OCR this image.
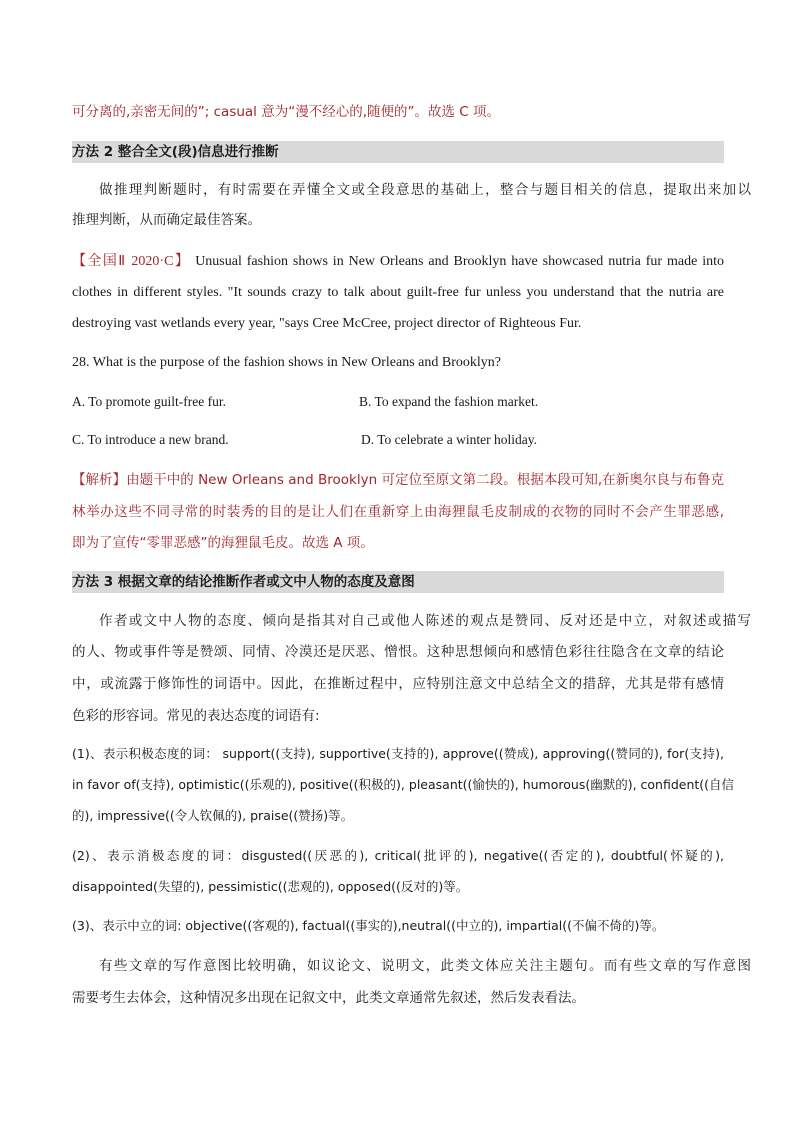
可分离的,亲密无间的”; casual 意为“漫不经心的,随便的”。故选 C 项。
方法 2 整合全文(段)信息进行推断
做推理判断题时，有时需要在弄懂全文或全段意思的基础上，整合与题目相关的信息，提取出来加以
推理判断，从而确定最佳答案。
【全国Ⅱ 2020·C】 Unusual fashion shows in New Orleans and Brooklyn have showcased nutria fur made into
clothes in different styles. "It sounds crazy to talk about guilt-free fur unless you understand that the nutria are
destroying vast wetlands every year, "says Cree McCree, project director of Righteous Fur.
28. What is the purpose of the fashion shows in New Orleans and Brooklyn?
A. To promote guilt-free fur.	B. To expand the fashion market.
C. To introduce a new brand.	D. To celebrate a winter holiday.
【解析】由题干中的 New Orleans and Brooklyn 可定位至原文第二段。根据本段可知,在新奥尔良与布鲁克
林举办这些不同寻常的时装秀的目的是让人们在重新穿上由海狸鼠毛皮制成的衣物的同时不会产生罪恶感,
即为了宣传“零罪恶感”的海狸鼠毛皮。故选 A 项。
方法 3 根据文章的结论推断作者或文中人物的态度及意图
作者或文中人物的态度、倾向是指其对自己或他人陈述的观点是赞同、反对还是中立，对叙述或描写
的人、物或事件等是赞颂、同情、冷漠还是厌恶、憎恨。这种思想倾向和感情色彩往往隐含在文章的结论
中，或流露于修饰性的词语中。因此，在推断过程中，应特别注意文中总结全文的措辞，尤其是带有感情
色彩的形容词。常见的表达态度的词语有:
(1)、表示积极态度的词： support((支持), supportive(支持的), approve((赞成), approving((赞同的), for(支持),
in favor of(支持), optimistic((乐观的), positive((积极的), pleasant((愉快的), humorous(幽默的), confident((自信
的), impressive((令人钦佩的), praise((赞扬)等。
(2)、表示消极态度的词：disgusted((厌恶的), critical(批评的), negative((否定的), doubtful(怀疑的),
disappointed(失望的), pessimistic((悲观的), opposed((反对的)等。
(3)、表示中立的词: objective((客观的), factual((事实的),neutral((中立的), impartial((不偏不倚的)等。
有些文章的写作意图比较明确，如议论文、说明文，此类文体应关注主题句。而有些文章的写作意图
需要考生去体会，这种情况多出现在记叙文中，此类文章通常先叙述，然后发表看法。
